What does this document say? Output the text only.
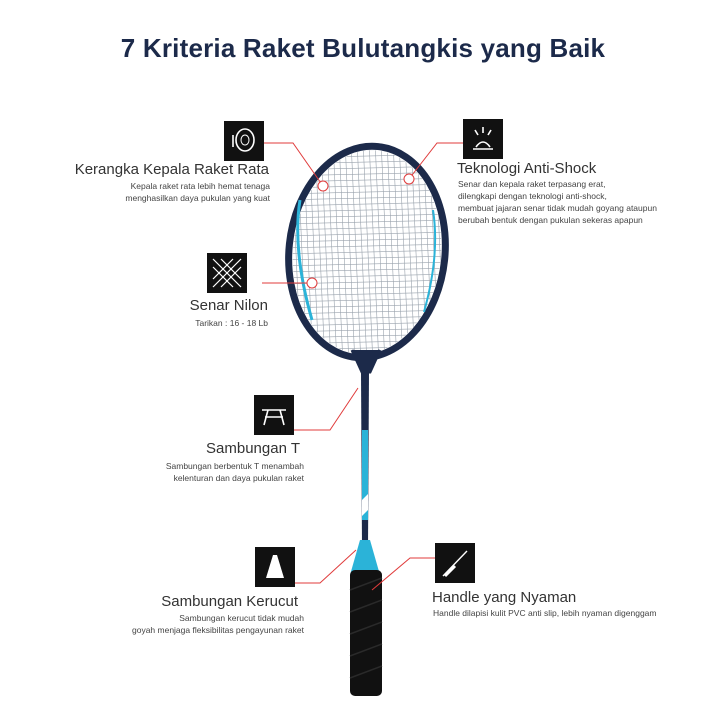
7 Kriteria Raket Bulutangkis yang Baik
Kerangka Kepala Raket Rata
Kepala raket rata lebih hemat tenaga
menghasilkan daya pukulan yang kuat
Teknologi Anti-Shock
Senar dan kepala raket terpasang erat,
dilengkapi dengan teknologi anti-shock,
membuat jajaran senar tidak mudah goyang ataupun
berubah bentuk dengan pukulan sekeras apapun
Senar Nilon
Tarikan : 16 - 18 Lb
Sambungan T
Sambungan berbentuk T menambah
kelenturan dan daya pukulan raket
Sambungan Kerucut
Sambungan kerucut tidak mudah
goyah menjaga fleksibilitas pengayunan raket
Handle yang Nyaman
Handle dilapisi kulit PVC anti slip, lebih nyaman digenggam
